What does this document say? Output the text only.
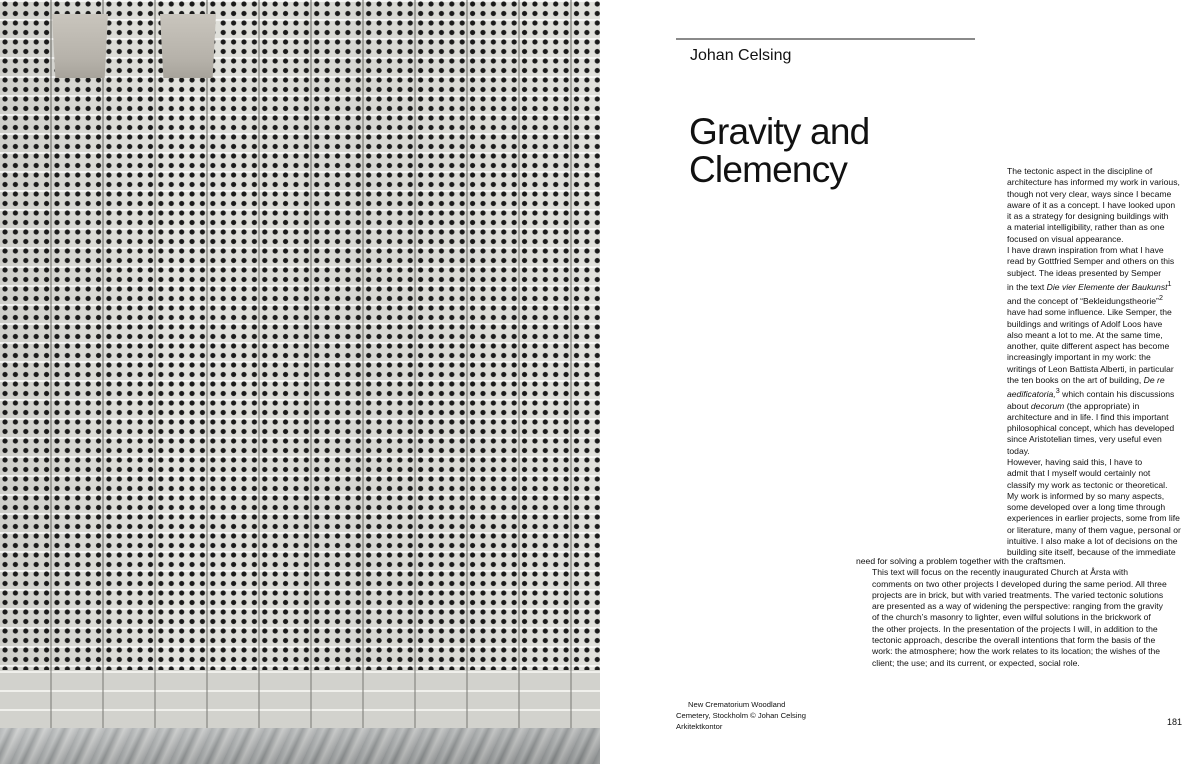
Johan Celsing
Gravity and
Clemency	The tectonic aspect in the discipline of
architecture has informed my work in various,
though not very clear, ways since I became
aware of it as a concept. I have looked upon
it as a strategy for designing buildings with
a material intelligibility, rather than as one
focused on visual appearance.

I have drawn inspiration from what I have
read by Gottfried Semper and others on this
subject. The ideas presented by Semper
in the text Die vier Elemente der Baukunst$^1$
and the concept of “Bekleidungstheorie”$^2$
have had some influence. Like Semper, the
buildings and writings of Adolf Loos have
also meant a lot to me. At the same time,
another, quite different aspect has become
increasingly important in my work: the
writings of Leon Battista Alberti, in particular
the ten books on the art of building, De re
aedificatoria,$^3$ which contain his discussions
about decorum (the appropriate) in
architecture and in life. I find this important
philosophical concept, which has developed
since Aristotelian times, very useful even
today.

However, having said this, I have to
admit that I myself would certainly not
classify my work as tectonic or theoretical.
My work is informed by so many aspects,
some developed over a long time through
experiences in earlier projects, some from life
or literature, many of them vague, personal or
intuitive. I also make a lot of decisions on the
building site itself, because of the immediate

need for solving a problem together with the craftsmen.

This text will focus on the recently inaugurated Church at Årsta with
comments on two other projects I developed during the same period. All three
projects are in brick, but with varied treatments. The varied tectonic solutions
are presented as a way of widening the perspective: ranging from the gravity
of the church’s masonry to lighter, even wilful solutions in the brickwork of
the other projects. In the presentation of the projects I will, in addition to the
tectonic approach, describe the overall intentions that form the basis of the
work: the atmosphere; how the work relates to its location; the wishes of the
client; the use; and its current, or expected, social role.

New Crematorium Woodland
Cemetery, Stockholm © Johan Celsing
Arkitektkontor	181
